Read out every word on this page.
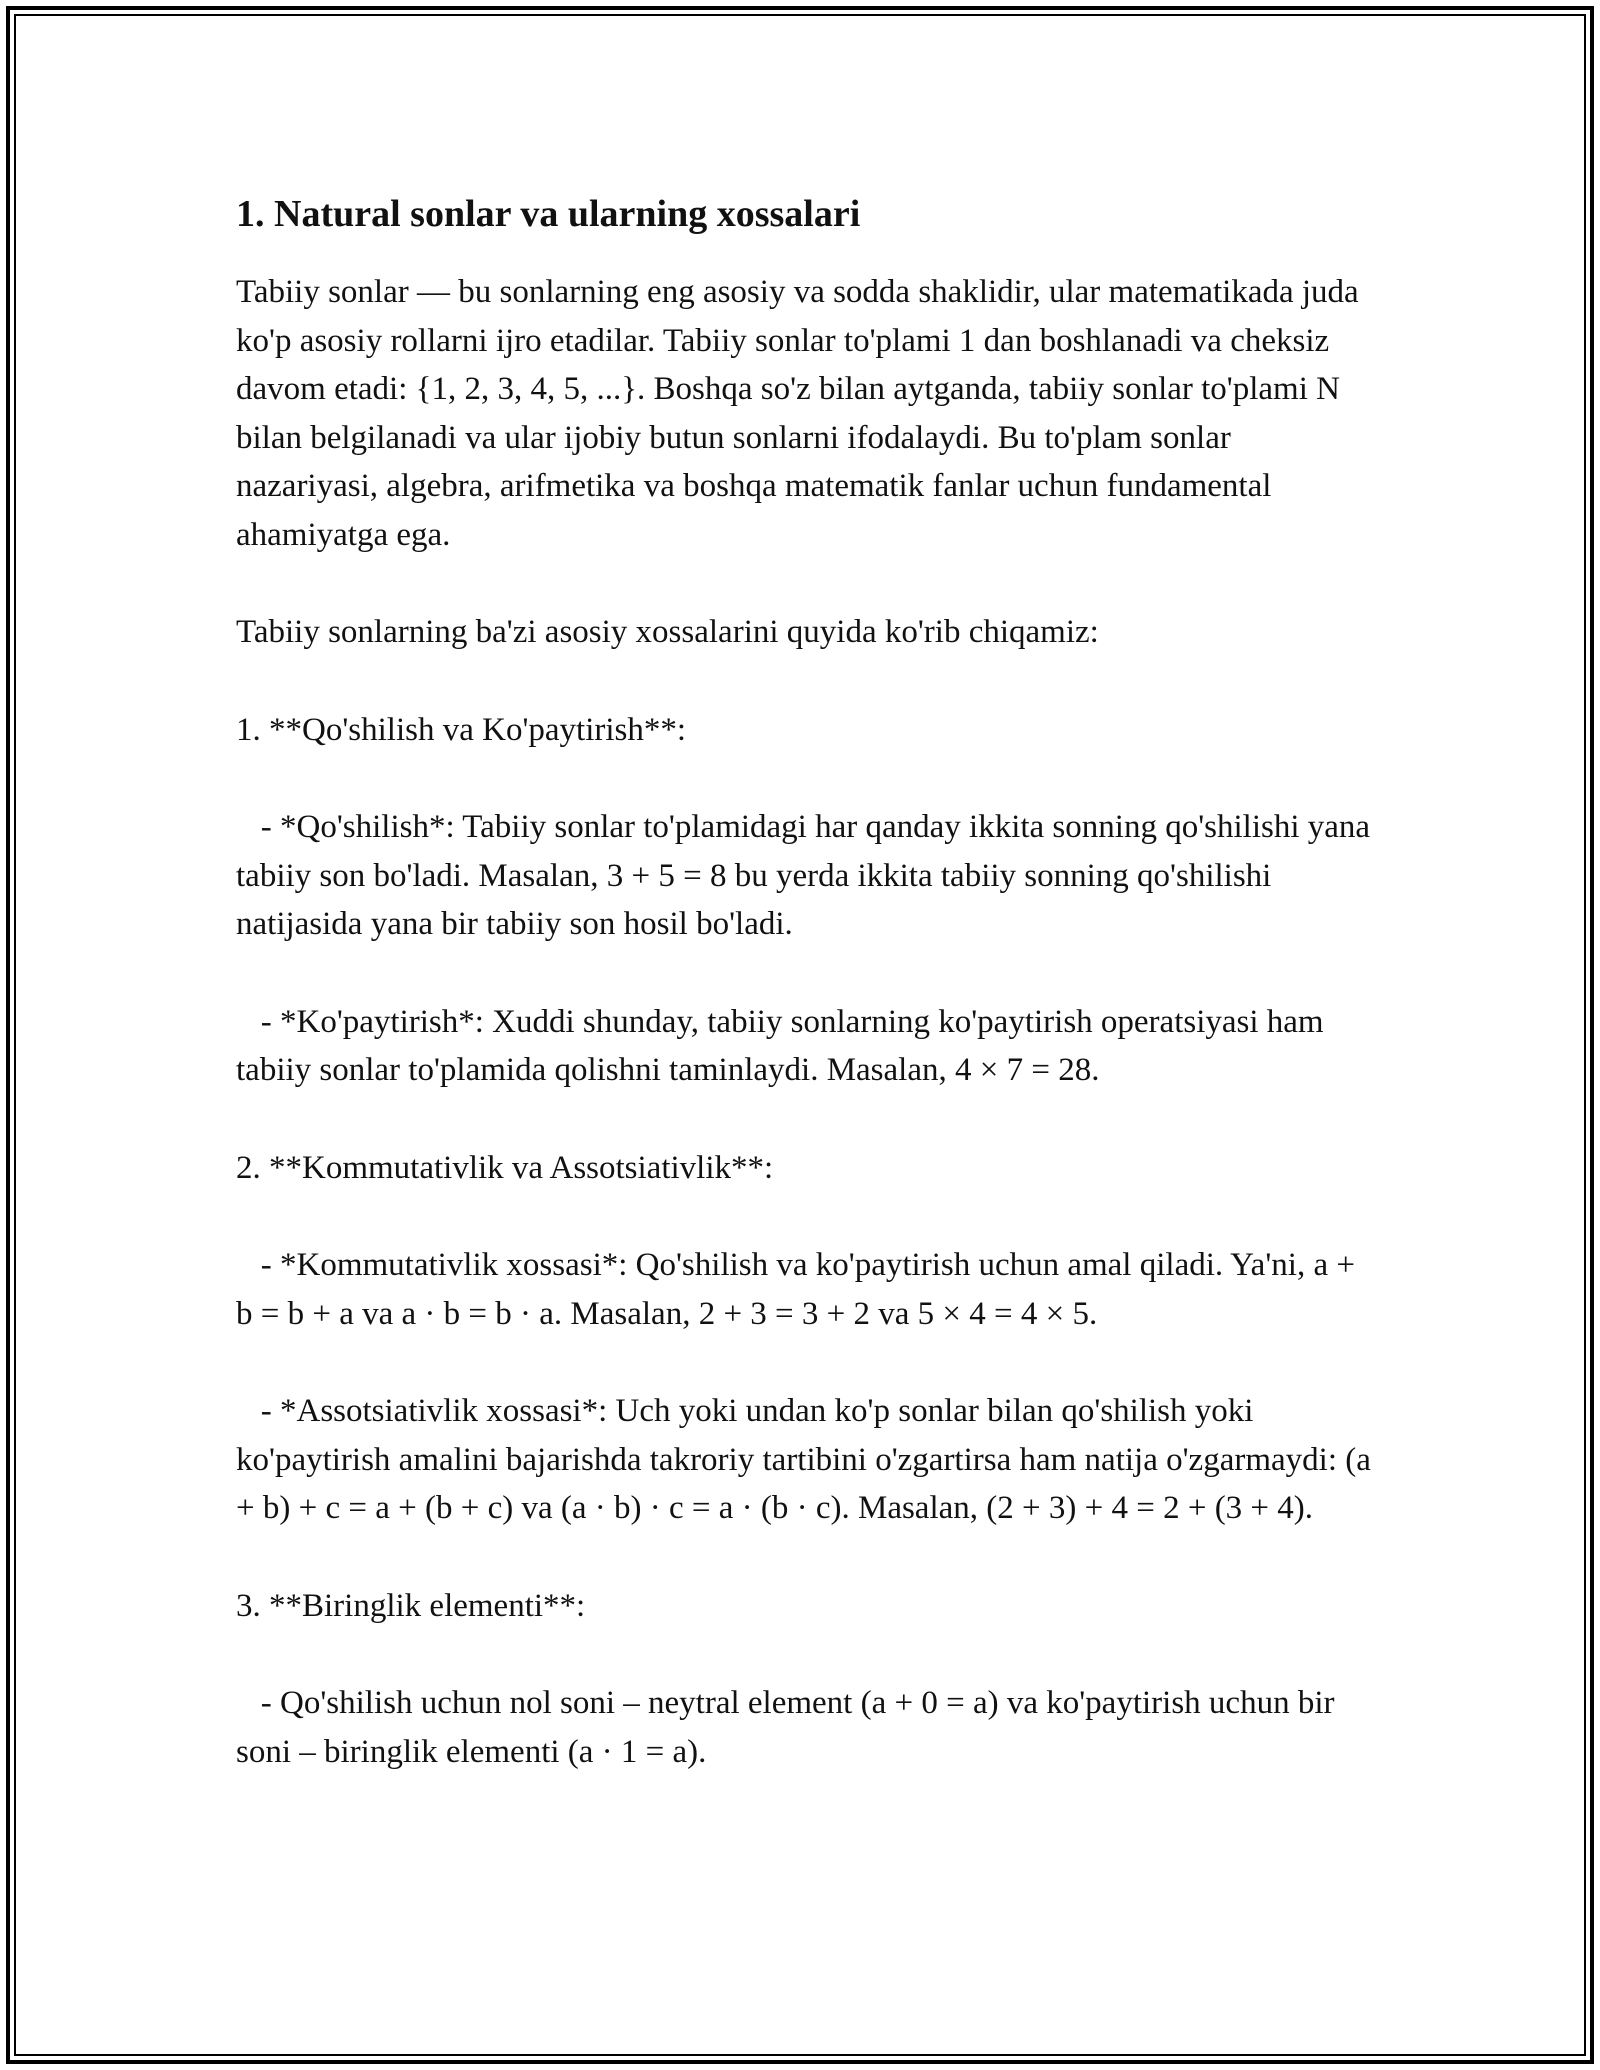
1. Natural sonlar va ularning xossalari

Tabiiy sonlar — bu sonlarning eng asosiy va sodda shaklidir, ular matematikada juda ko'p asosiy rollarni ijro etadilar. Tabiiy sonlar to'plami 1 dan boshlanadi va cheksiz davom etadi: {1, 2, 3, 4, 5, ...}. Boshqa so'z bilan aytganda, tabiiy sonlar to'plami N bilan belgilanadi va ular ijobiy butun sonlarni ifodalaydi. Bu to'plam sonlar nazariyasi, algebra, arifmetika va boshqa matematik fanlar uchun fundamental ahamiyatga ega.

Tabiiy sonlarning ba'zi asosiy xossalarini quyida ko'rib chiqamiz:

1. **Qo'shilish va Ko'paytirish**:

- *Qo'shilish*: Tabiiy sonlar to'plamidagi har qanday ikkita sonning qo'shilishi yana tabiiy son bo'ladi. Masalan, 3 + 5 = 8 bu yerda ikkita tabiiy sonning qo'shilishi natijasida yana bir tabiiy son hosil bo'ladi.

- *Ko'paytirish*: Xuddi shunday, tabiiy sonlarning ko'paytirish operatsiyasi ham tabiiy sonlar to'plamida qolishni taminlaydi. Masalan, 4 × 7 = 28.

2. **Kommutativlik va Assotsiativlik**:

- *Kommutativlik xossasi*: Qo'shilish va ko'paytirish uchun amal qiladi. Ya'ni, a + b = b + a va a · b = b · a. Masalan, 2 + 3 = 3 + 2 va 5 × 4 = 4 × 5.

- *Assotsiativlik xossasi*: Uch yoki undan ko'p sonlar bilan qo'shilish yoki ko'paytirish amalini bajarishda takroriy tartibini o'zgartirsa ham natija o'zgarmaydi: (a + b) + c = a + (b + c) va (a · b) · c = a · (b · c). Masalan, (2 + 3) + 4 = 2 + (3 + 4).

3. **Biringlik elementi**:

- Qo'shilish uchun nol soni – neytral element (a + 0 = a) va ko'paytirish uchun bir soni – biringlik elementi (a · 1 = a).
